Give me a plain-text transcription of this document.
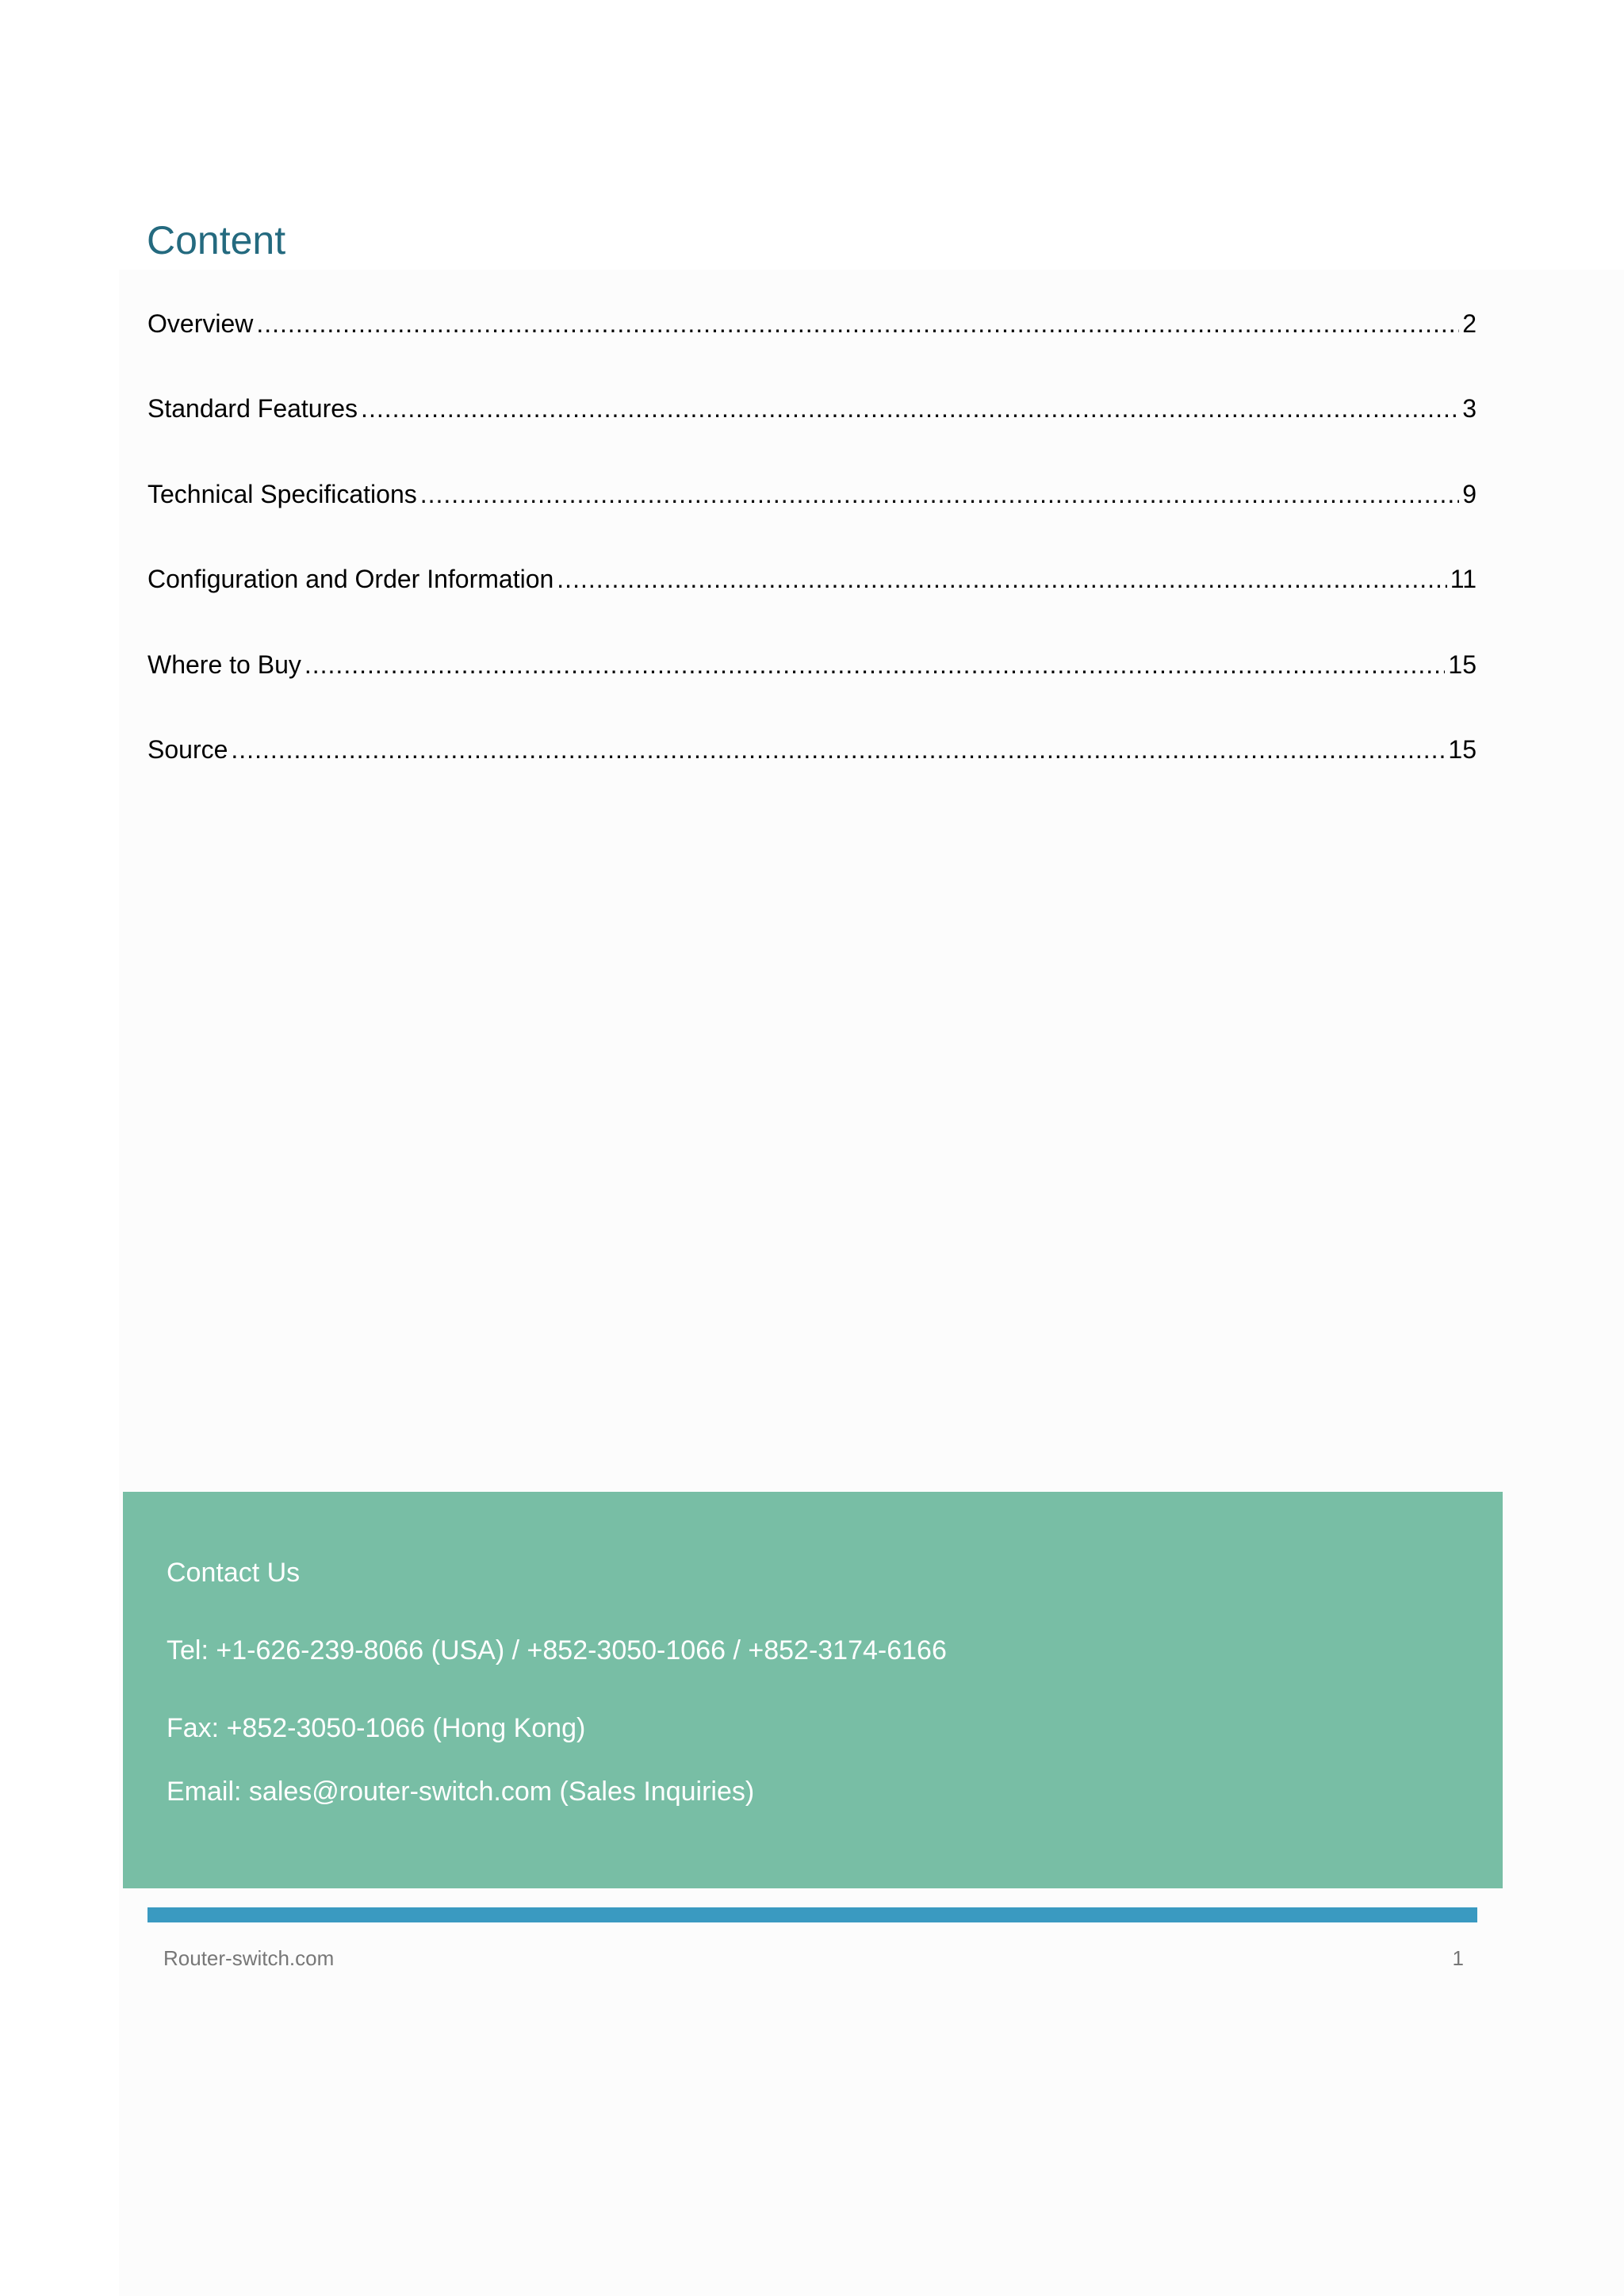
Content
Overview .....	2
Standard Features .....	3
Technical Specifications .....	9
Configuration and Order Information .....	11
Where to Buy .....	15
Source .....	15

Contact Us

Tel: +1-626-239-8066 (USA) / +852-3050-1066 / +852-3174-6166

Fax: +852-3050-1066 (Hong Kong)

Email: sales@router-switch.com (Sales Inquiries)

Router-switch.com	1
